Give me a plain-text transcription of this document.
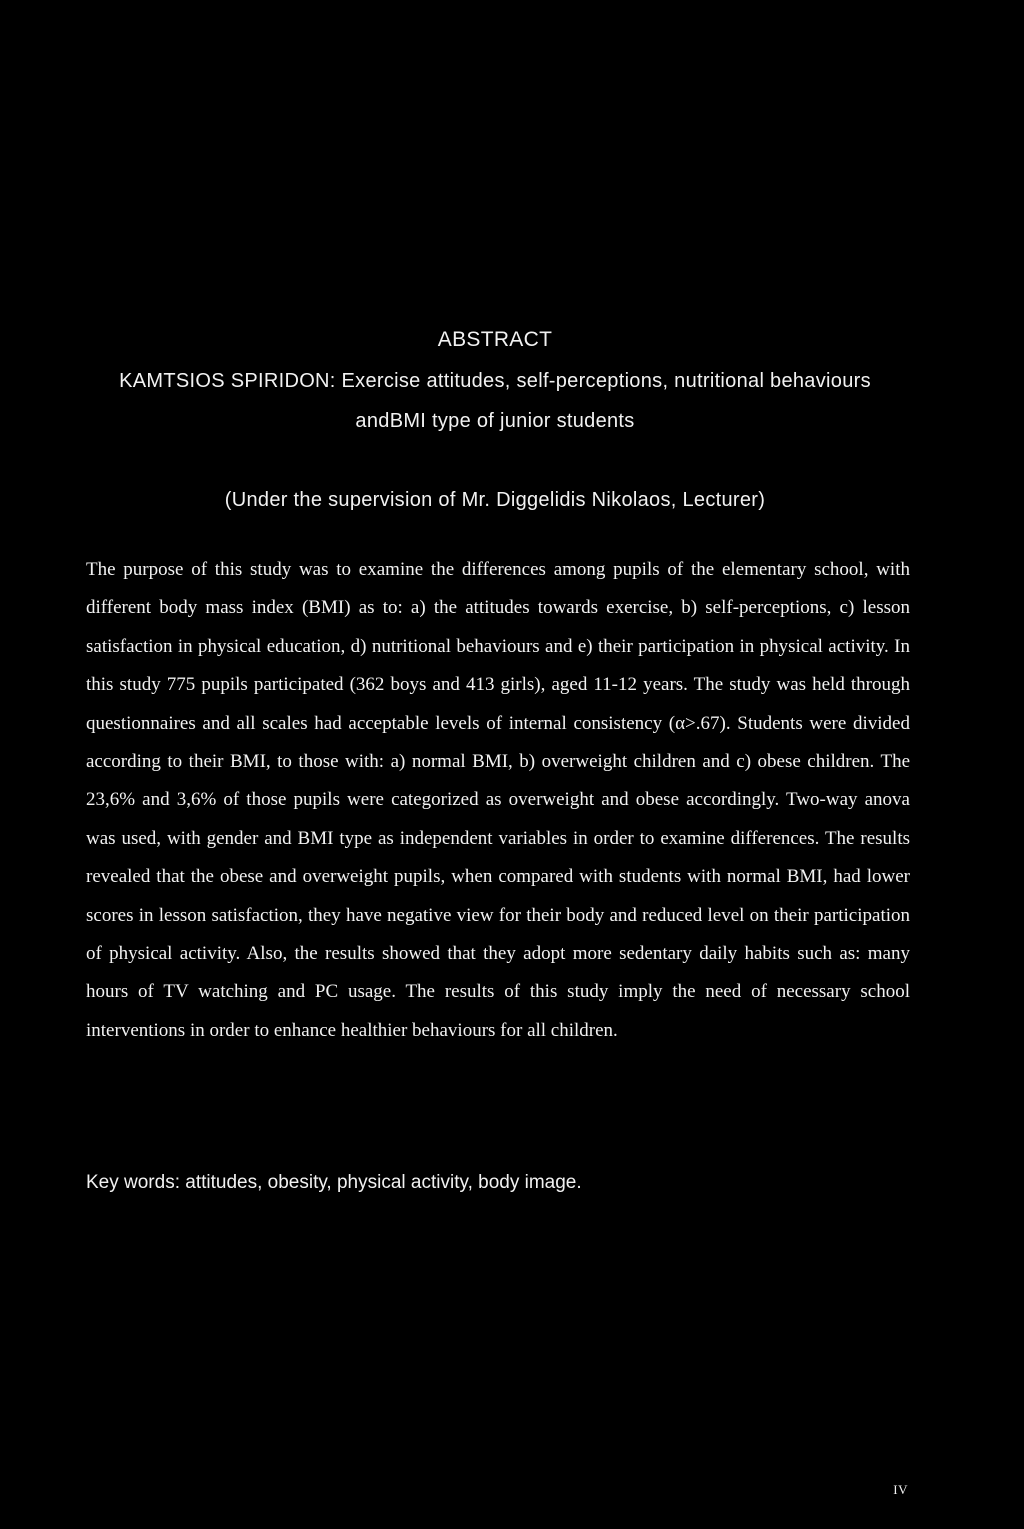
ABSTRACT
KAMTSIOS SPIRIDON: Exercise attitudes, self-perceptions, nutritional behaviours
andBMI type of junior students
(Under the supervision of Mr. Diggelidis Nikolaos, Lecturer)

The purpose of this study was to examine the differences among pupils of the elementary school, with different body mass index (BMI) as to: a) the attitudes towards exercise, b) self-perceptions, c) lesson satisfaction in physical education, d) nutritional behaviours and e) their participation in physical activity. In this study 775 pupils participated (362 boys and 413 girls), aged 11-12 years. The study was held through questionnaires and all scales had acceptable levels of internal consistency (α>.67). Students were divided according to their BMI, to those with: a) normal BMI, b) overweight children and c) obese children. The 23,6% and 3,6% of those pupils were categorized as overweight and obese accordingly. Two-way anova was used, with gender and BMI type as independent variables in order to examine differences. The results revealed that the obese and overweight pupils, when compared with students with normal BMI, had lower scores in lesson satisfaction, they have negative view for their body and reduced level on their participation of physical activity. Also, the results showed that they adopt more sedentary daily habits such as: many hours of TV watching and PC usage. The results of this study imply the need of necessary school interventions in order to enhance healthier behaviours for all children.

Key words: attitudes, obesity, physical activity, body image.

IV
